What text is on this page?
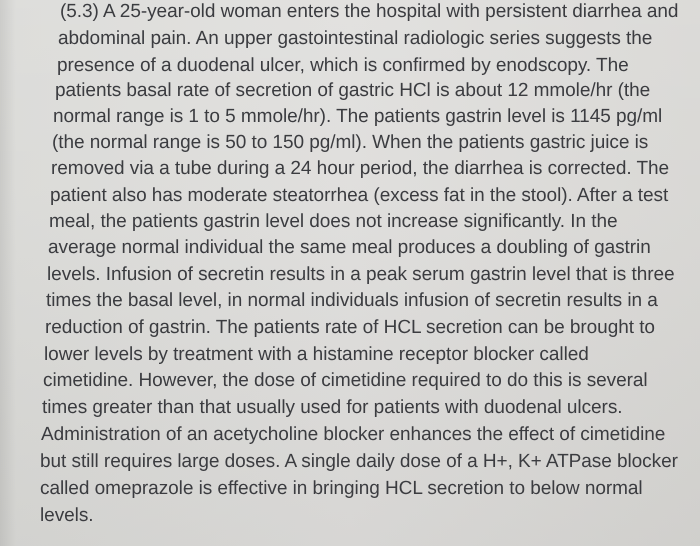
(5.3) A 25-year-old woman enters the hospital with persistent diarrhea and
abdominal pain. An upper gastointestinal radiologic series suggests the
presence of a duodenal ulcer, which is confirmed by enodscopy. The
patients basal rate of secretion of gastric HCl is about 12 mmole/hr (the
normal range is 1 to 5 mmole/hr). The patients gastrin level is 1145 pg/ml
(the normal range is 50 to 150 pg/ml). When the patients gastric juice is
removed via a tube during a 24 hour period, the diarrhea is corrected. The
patient also has moderate steatorrhea (excess fat in the stool). After a test
meal, the patients gastrin level does not increase significantly. In the
average normal individual the same meal produces a doubling of gastrin
levels. Infusion of secretin results in a peak serum gastrin level that is three
times the basal level, in normal individuals infusion of secretin results in a
reduction of gastrin. The patients rate of HCL secretion can be brought to
lower levels by treatment with a histamine receptor blocker called
cimetidine. However, the dose of cimetidine required to do this is several
times greater than that usually used for patients with duodenal ulcers.
Administration of an acetycholine blocker enhances the effect of cimetidine
but still requires large doses. A single daily dose of a H+, K+ ATPase blocker
called omeprazole is effective in bringing HCL secretion to below normal
levels.
